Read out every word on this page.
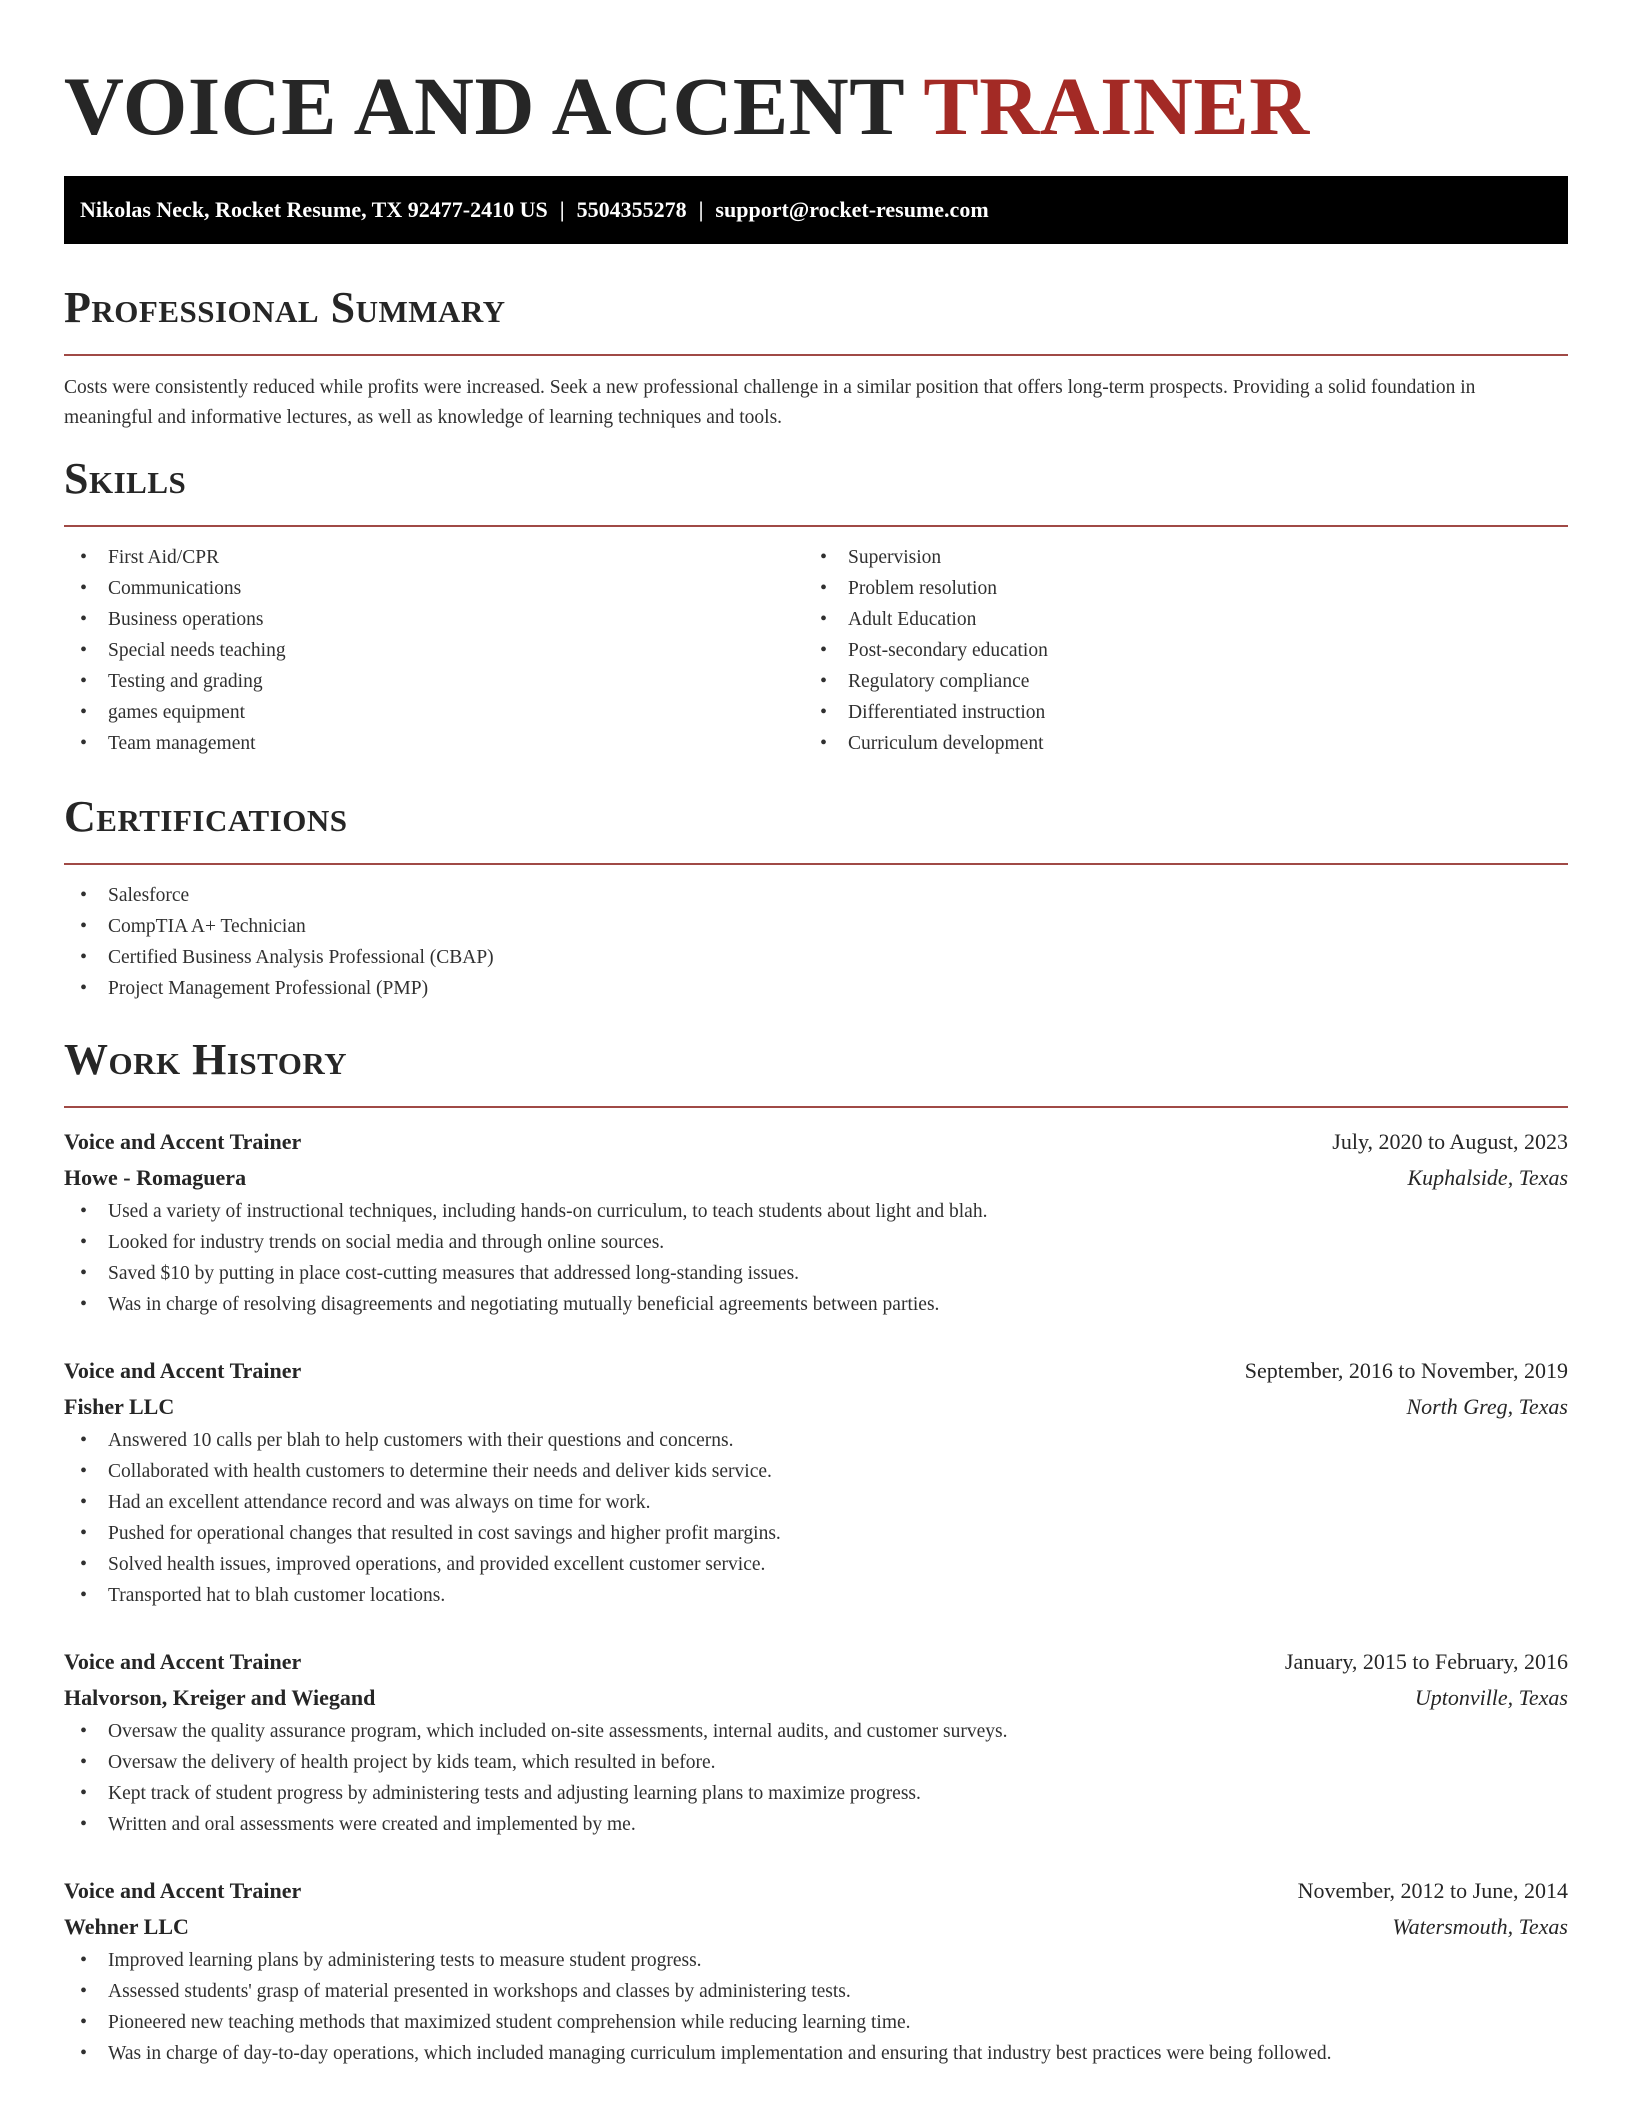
VOICE AND ACCENT TRAINER
Nikolas Neck, Rocket Resume, TX 92477-2410 US | 5504355278 | support@rocket-resume.com
Professional Summary

Costs were consistently reduced while profits were increased. Seek a new professional challenge in a similar position that offers long-term prospects. Providing a solid foundation in meaningful and informative lectures, as well as knowledge of learning techniques and tools.

Skills
• First Aid/CPR
• Communications
• Business operations
• Special needs teaching
• Testing and grading
• games equipment
• Team management
• Supervision
• Problem resolution
• Adult Education
• Post-secondary education
• Regulatory compliance
• Differentiated instruction
• Curriculum development
Certifications
• Salesforce
• CompTIA A+ Technician
• Certified Business Analysis Professional (CBAP)
• Project Management Professional (PMP)
Work History
Voice and Accent Trainer	July, 2020 to August, 2023
Howe - Romaguera	Kuphalside, Texas
• Used a variety of instructional techniques, including hands-on curriculum, to teach students about light and blah.
• Looked for industry trends on social media and through online sources.
• Saved $10 by putting in place cost-cutting measures that addressed long-standing issues.
• Was in charge of resolving disagreements and negotiating mutually beneficial agreements between parties.
Voice and Accent Trainer	September, 2016 to November, 2019
Fisher LLC	North Greg, Texas
• Answered 10 calls per blah to help customers with their questions and concerns.
• Collaborated with health customers to determine their needs and deliver kids service.
• Had an excellent attendance record and was always on time for work.
• Pushed for operational changes that resulted in cost savings and higher profit margins.
• Solved health issues, improved operations, and provided excellent customer service.
• Transported hat to blah customer locations.
Voice and Accent Trainer	January, 2015 to February, 2016
Halvorson, Kreiger and Wiegand	Uptonville, Texas
• Oversaw the quality assurance program, which included on-site assessments, internal audits, and customer surveys.
• Oversaw the delivery of health project by kids team, which resulted in before.
• Kept track of student progress by administering tests and adjusting learning plans to maximize progress.
• Written and oral assessments were created and implemented by me.
Voice and Accent Trainer	November, 2012 to June, 2014
Wehner LLC	Watersmouth, Texas
• Improved learning plans by administering tests to measure student progress.
• Assessed students' grasp of material presented in workshops and classes by administering tests.
• Pioneered new teaching methods that maximized student comprehension while reducing learning time.
• Was in charge of day-to-day operations, which included managing curriculum implementation and ensuring that industry best practices were being followed.
